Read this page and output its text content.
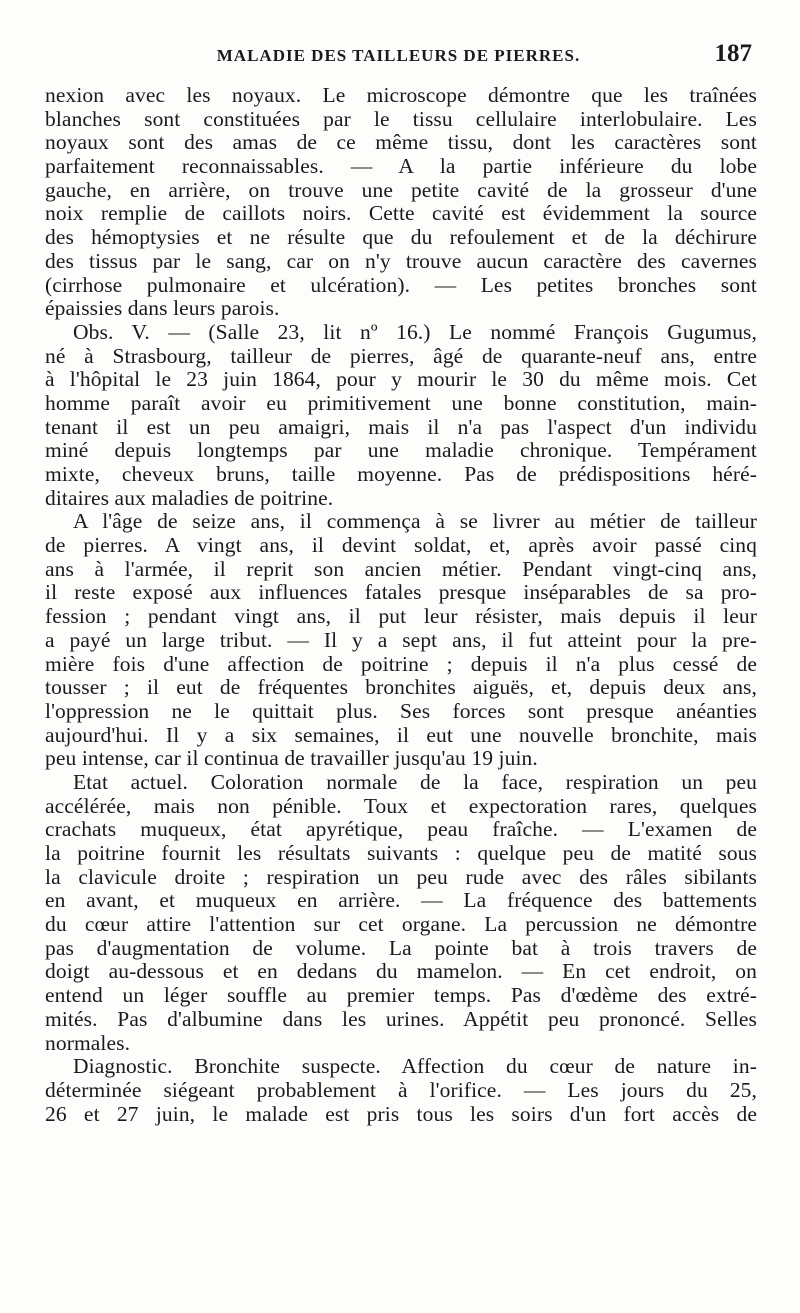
MALADIE DES TAILLEURS DE PIERRES.	187
nexion avec les noyaux. Le microscope démontre que les traînées
blanches sont constituées par le tissu cellulaire interlobulaire. Les
noyaux sont des amas de ce même tissu, dont les caractères sont
parfaitement reconnaissables. — A la partie inférieure du lobe
gauche, en arrière, on trouve une petite cavité de la grosseur d'une
noix remplie de caillots noirs. Cette cavité est évidemment la source
des hémoptysies et ne résulte que du refoulement et de la déchirure
des tissus par le sang, car on n'y trouve aucun caractère des cavernes
(cirrhose pulmonaire et ulcération). — Les petites bronches sont
épaissies dans leurs parois.
Obs. V. — (Salle 23, lit nº 16.) Le nommé François Gugumus,
né à Strasbourg, tailleur de pierres, âgé de quarante-neuf ans, entre
à l'hôpital le 23 juin 1864, pour y mourir le 30 du même mois. Cet
homme paraît avoir eu primitivement une bonne constitution, main-
tenant il est un peu amaigri, mais il n'a pas l'aspect d'un individu
miné depuis longtemps par une maladie chronique. Tempérament
mixte, cheveux bruns, taille moyenne. Pas de prédispositions héré-
ditaires aux maladies de poitrine.
A l'âge de seize ans, il commença à se livrer au métier de tailleur
de pierres. A vingt ans, il devint soldat, et, après avoir passé cinq
ans à l'armée, il reprit son ancien métier. Pendant vingt-cinq ans,
il reste exposé aux influences fatales presque inséparables de sa pro-
fession ; pendant vingt ans, il put leur résister, mais depuis il leur
a payé un large tribut. — Il y a sept ans, il fut atteint pour la pre-
mière fois d'une affection de poitrine ; depuis il n'a plus cessé de
tousser ; il eut de fréquentes bronchites aiguës, et, depuis deux ans,
l'oppression ne le quittait plus. Ses forces sont presque anéanties
aujourd'hui. Il y a six semaines, il eut une nouvelle bronchite, mais
peu intense, car il continua de travailler jusqu'au 19 juin.
Etat actuel. Coloration normale de la face, respiration un peu
accélérée, mais non pénible. Toux et expectoration rares, quelques
crachats muqueux, état apyrétique, peau fraîche. — L'examen de
la poitrine fournit les résultats suivants : quelque peu de matité sous
la clavicule droite ; respiration un peu rude avec des râles sibilants
en avant, et muqueux en arrière. — La fréquence des battements
du cœur attire l'attention sur cet organe. La percussion ne démontre
pas d'augmentation de volume. La pointe bat à trois travers de
doigt au-dessous et en dedans du mamelon. — En cet endroit, on
entend un léger souffle au premier temps. Pas d'œdème des extré-
mités. Pas d'albumine dans les urines. Appétit peu prononcé. Selles
normales.
Diagnostic. Bronchite suspecte. Affection du cœur de nature in-
déterminée siégeant probablement à l'orifice. — Les jours du 25,
26 et 27 juin, le malade est pris tous les soirs d'un fort accès de
